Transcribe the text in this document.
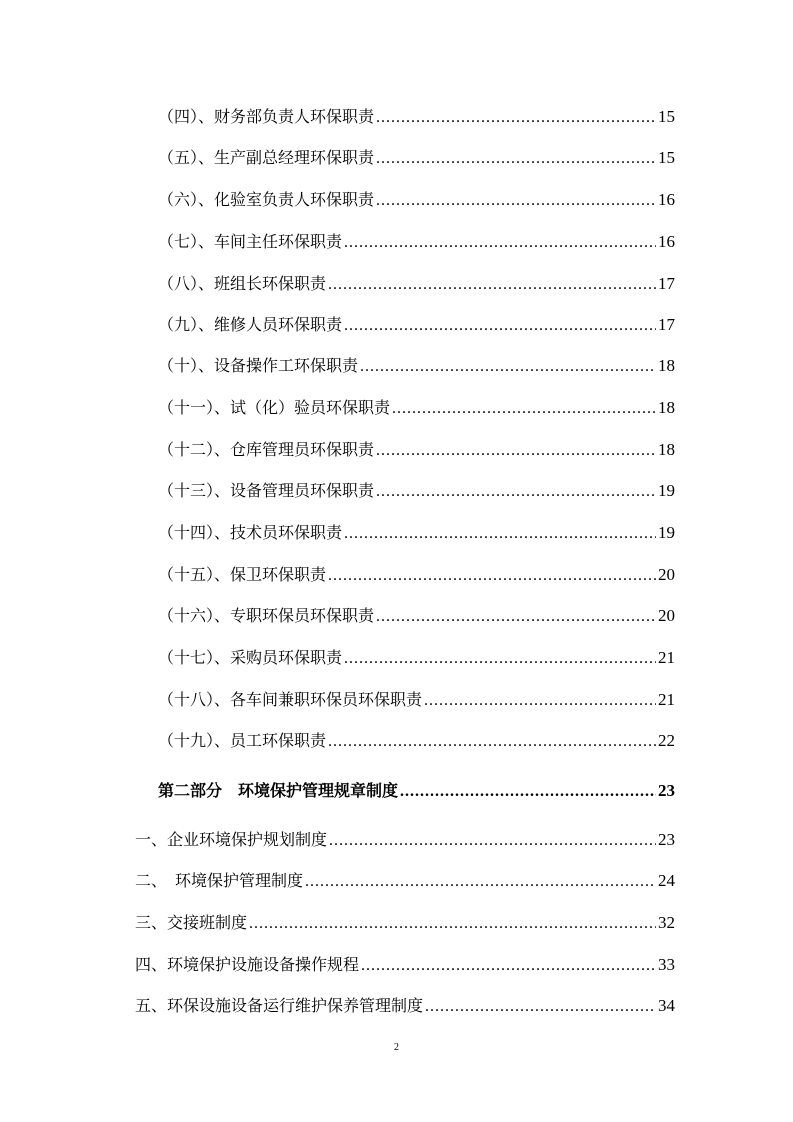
第二部分　环境保护管理规章制度 .....	23
（四）、财务部负责人环保职责 .....	15
（五）、生产副总经理环保职责 .....	15
（六）、化验室负责人环保职责 .....	16
（七）、车间主任环保职责 .....	16
（八）、班组长环保职责 .....	17
（九）、维修人员环保职责 .....	17
（十）、设备操作工环保职责 .....	18
（十一）、试（化）验员环保职责 .....	18
（十二）、仓库管理员环保职责 .....	18
（十三）、设备管理员环保职责 .....	19
（十四）、技术员环保职责 .....	19
（十五）、保卫环保职责 .....	20
（十六）、专职环保员环保职责 .....	20
（十七）、采购员环保职责 .....	21
（十八）、各车间兼职环保员环保职责 .....	21
（十九）、员工环保职责 .....	22
一、企业环境保护规划制度 .....	23
二、　环境保护管理制度 .....	24
三、交接班制度 .....	32
四、环境保护设施设备操作规程 .....	33
五、环保设施设备运行维护保养管理制度 .....	34
2
